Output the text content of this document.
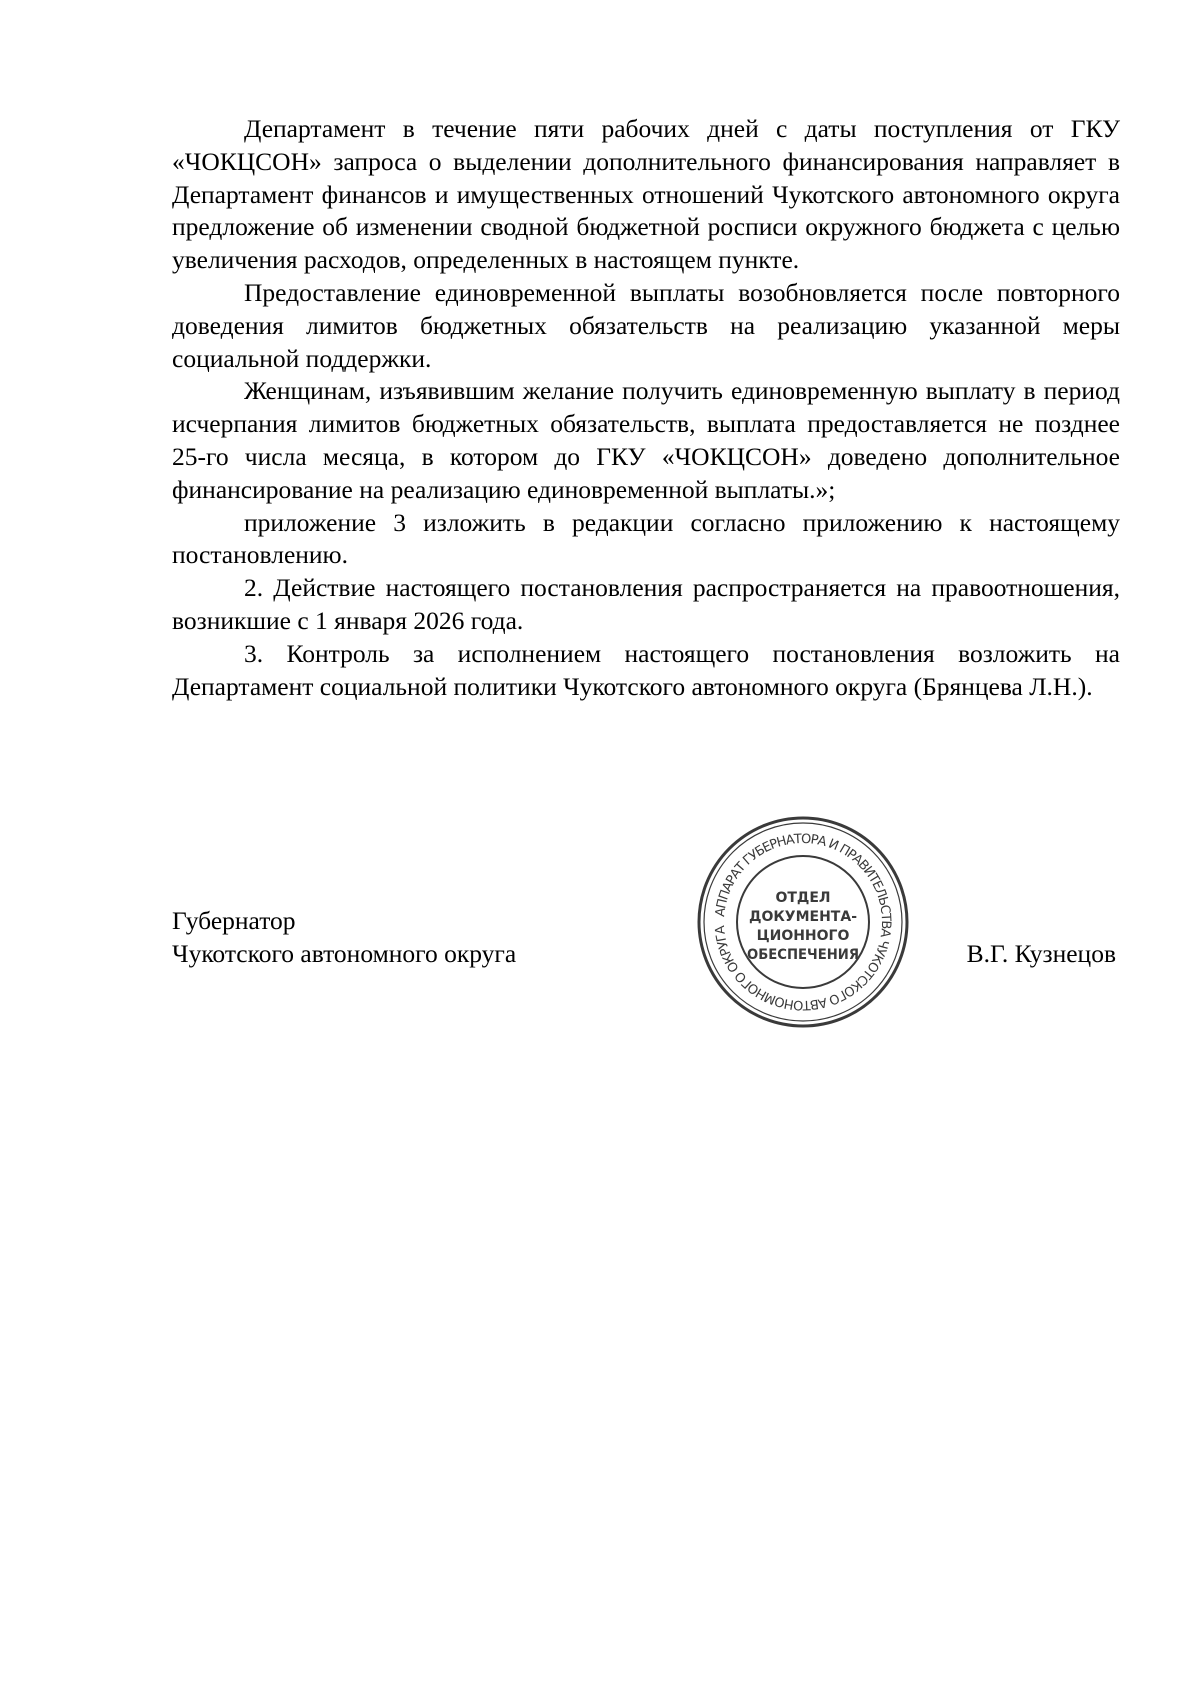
Департамент в течение пяти рабочих дней с даты поступления от ГКУ «ЧОКЦСОН» запроса о выделении дополнительного финансирования направляет в Департамент финансов и имущественных отношений Чукотского автономного округа предложение об изменении сводной бюджетной росписи окружного бюджета с целью увеличения расходов, определенных в настоящем пункте.

Предоставление единовременной выплаты возобновляется после повторного доведения лимитов бюджетных обязательств на реализацию указанной меры социальной поддержки.

Женщинам, изъявившим желание получить единовременную выплату в период исчерпания лимитов бюджетных обязательств, выплата предоставляется не позднее 25-го числа месяца, в котором до ГКУ «ЧОКЦСОН» доведено дополнительное финансирование на реализацию единовременной выплаты.»;

приложение 3 изложить в редакции согласно приложению к настоящему постановлению.

2. Действие настоящего постановления распространяется на правоотношения, возникшие с 1 января 2026 года.

3. Контроль за исполнением настоящего постановления возложить на Департамент социальной политики Чукотского автономного округа (Брянцева Л.Н.).

Губернатор
Чукотского автономного округа	В.Г. Кузнецов
АППАРАТ ГУБЕРНАТОРА И ПРАВИТЕЛЬСТВА ЧУКОТСКОГО АВТОНОМНОГО ОКРУГА
ОТДЕЛ
ДОКУМЕНТА-
ЦИОННОГО
ОБЕСПЕЧЕНИЯ
